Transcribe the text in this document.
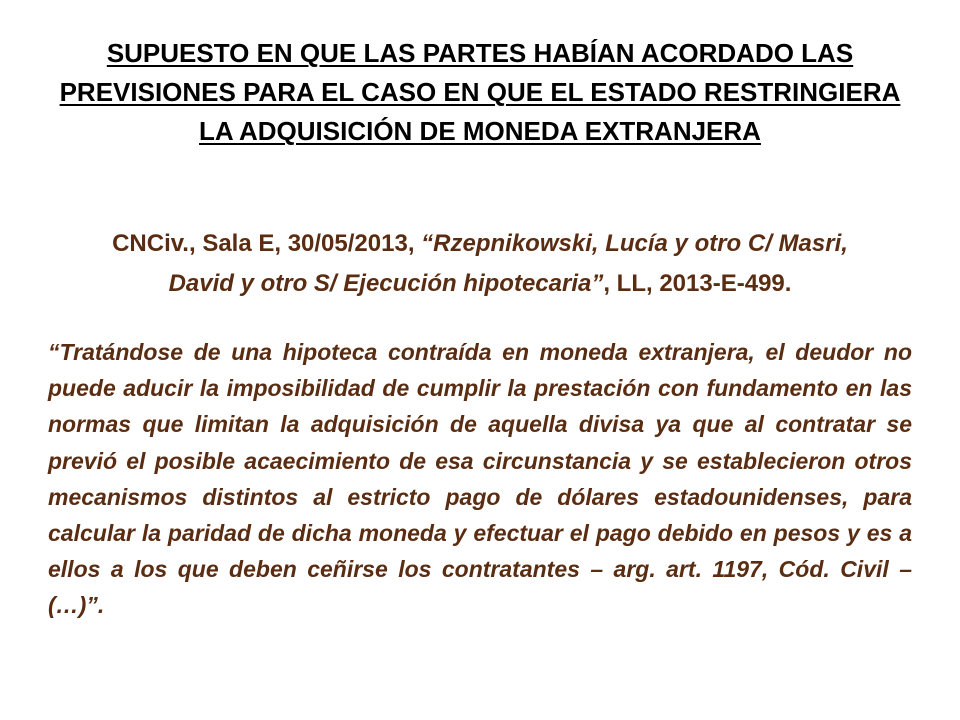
SUPUESTO EN QUE LAS PARTES HABÍAN ACORDADO LAS
PREVISIONES PARA EL CASO EN QUE EL ESTADO RESTRINGIERA
LA ADQUISICIÓN DE MONEDA EXTRANJERA
CNCiv., Sala E, 30/05/2013, “Rzepnikowski, Lucía y otro C/ Masri,
David y otro S/ Ejecución hipotecaria”, LL, 2013-E-499.
“Tratándose de una hipoteca contraída en moneda extranjera, el deudor no puede aducir la imposibilidad de cumplir la prestación con fundamento en las normas que limitan la adquisición de aquella divisa ya que al contratar se previó el posible acaecimiento de esa circunstancia y se establecieron otros mecanismos distintos al estricto pago de dólares estadounidenses, para calcular la paridad de dicha moneda y efectuar el pago debido en pesos y es a ellos a los que deben ceñirse los contratantes – arg. art. 1197, Cód. Civil – (…)”.
